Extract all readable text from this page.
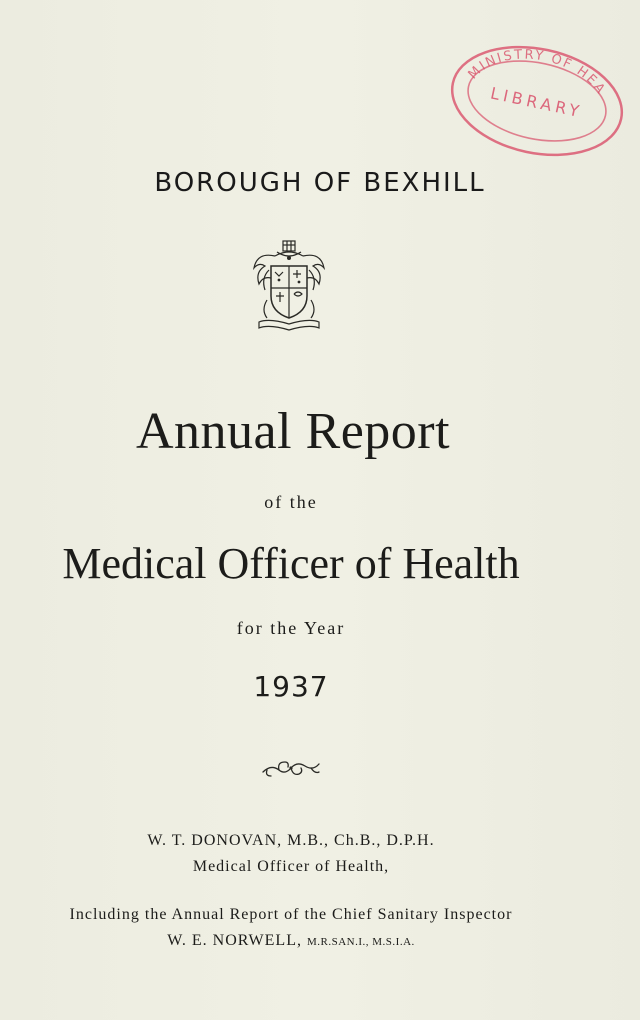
MINISTRY OF HEA
LIBRARY
BOROUGH OF BEXHILL
Annual Report
of the
Medical Officer of Health
for the Year
1937
W. T. DONOVAN, M.B., Ch.B., D.P.H.
Medical Officer of Health,
Including the Annual Report of the Chief Sanitary Inspector
W. E. NORWELL, M.R.SAN.I., M.S.I.A.
